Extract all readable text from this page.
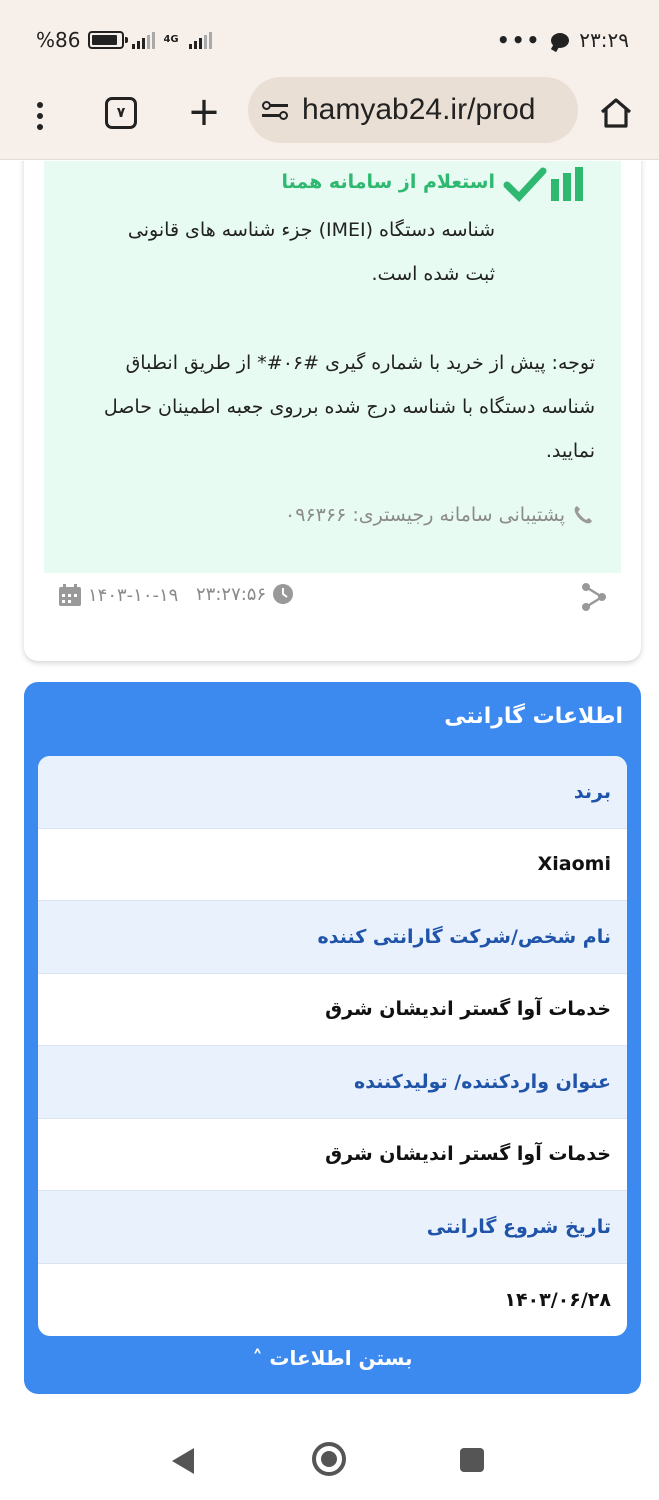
%86	4G	••• ۲۳:۲۹
۷ +	hamyab24.ir/prod
استعلام از سامانه همتا
شناسه دستگاه (IMEI) جزء شناسه های قانونی
ثبت شده است.
توجه: پیش از خرید با شماره گیری #۰۶#* از طریق انطباق شناسه دستگاه با شناسه درج شده برروی جعبه اطمینان حاصل نمایید.
پشتیبانی سامانه رجیستری: ۰۹۶۳۶۶
۲۳:۲۷:۵۶
۱۴۰۳-۱۰-۱۹
اطلاعات گارانتی
برند
Xiaomi
نام شخص/شرکت گارانتی کننده
خدمات آوا گستر اندیشان شرق
عنوان واردکننده/ تولیدکننده
خدمات آوا گستر اندیشان شرق
تاریخ شروع گارانتی
۱۴۰۳/۰۶/۲۸
بستن اطلاعات ˄
